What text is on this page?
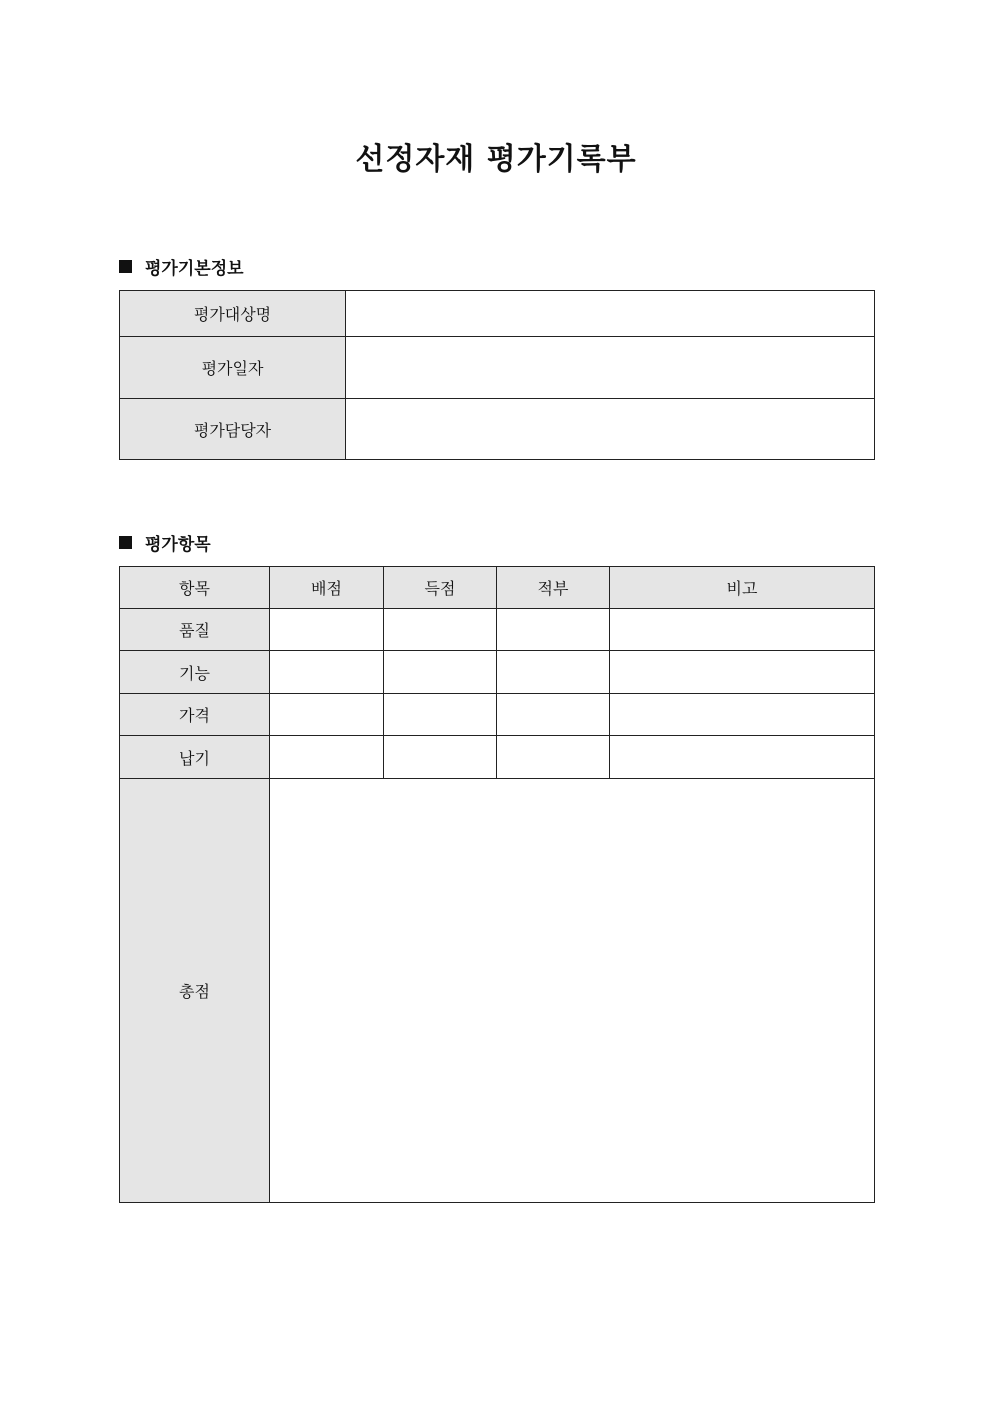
선정자재 평가기록부
평가기본정보
평가대상명	
평가일자	
평가담당자	
평가항목
항목	배점	득점	적부	비고
품질				
기능				
가격				
납기				
총점				
